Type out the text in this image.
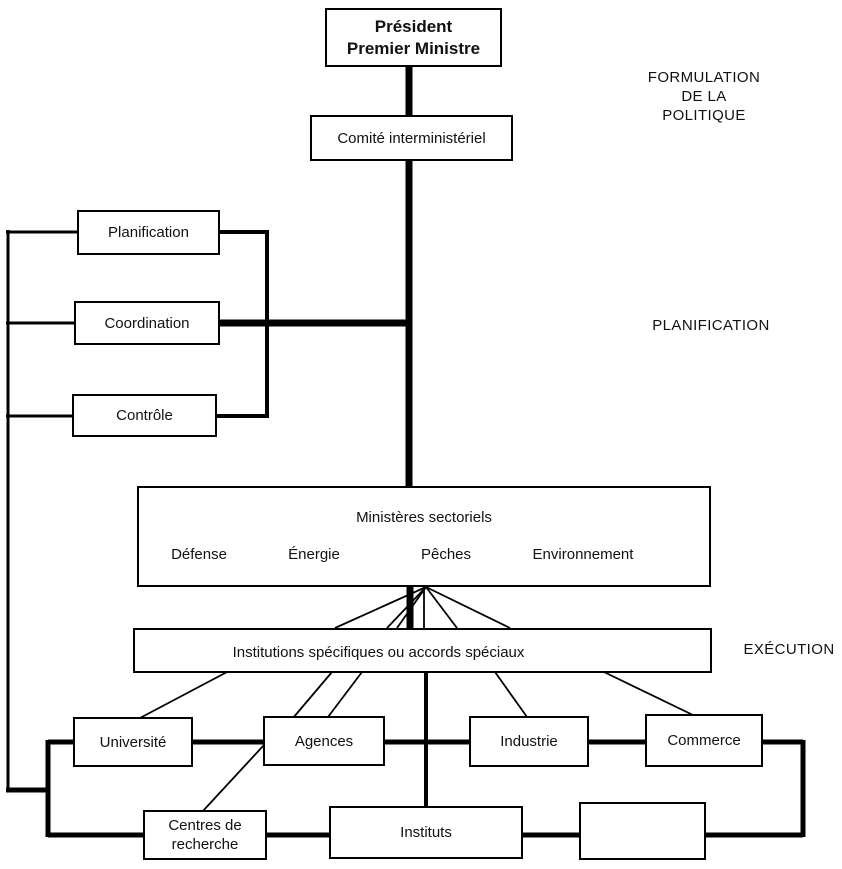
Président
Premier Ministre
Comité interministériel
Planification
Coordination
Contrôle
Ministères sectoriels
Défense	Énergie	Pêches	Environnement
Institutions spécifiques ou accords spéciaux
Université	Agences	Industrie	Commerce
Centres de
recherche
Instituts
FORMULATION
DE LA
POLITIQUE
PLANIFICATION
EXÉCUTION
